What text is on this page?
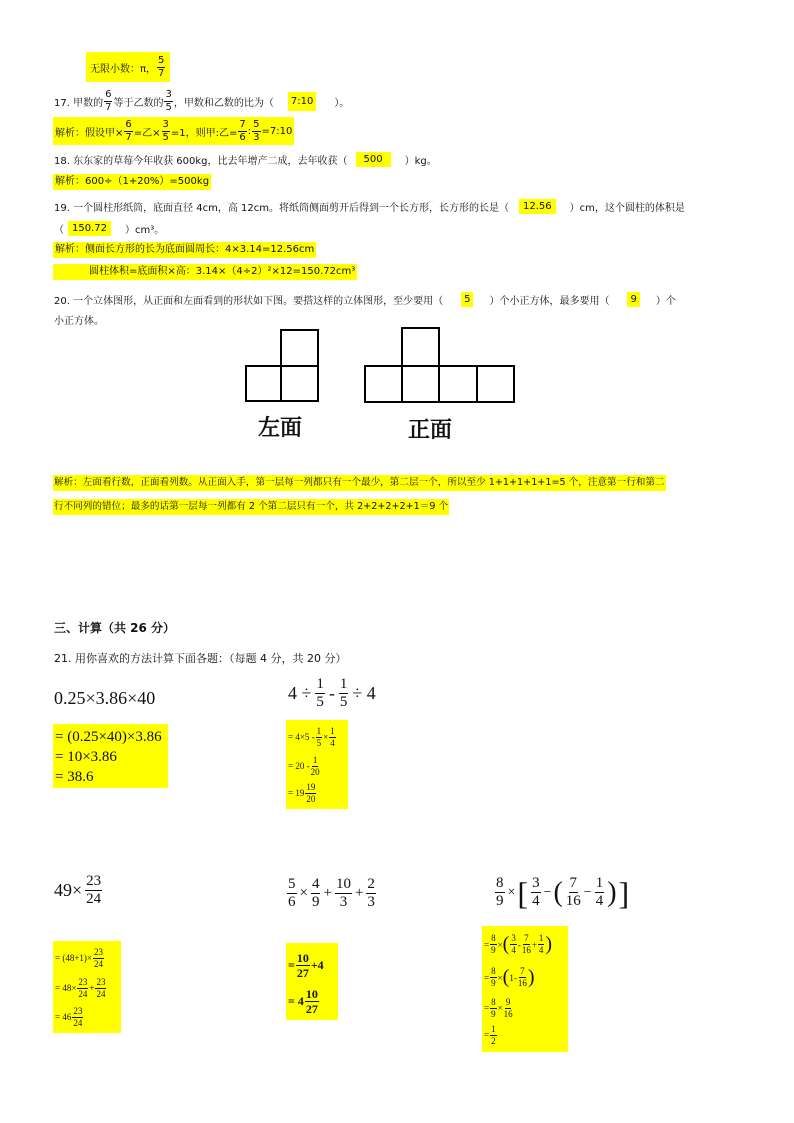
无限小数：π， $\frac{5}{7}$
17. 甲数的 $\frac{6}{7}$ 等于乙数的 $\frac{3}{5}$ ，甲数和乙数的比为（	7:10	）。
解析：假设甲× $\frac{6}{7}$ =乙× $\frac{3}{5} =1$，则甲:乙= $\frac{7}{6}$ : $\frac{5}{3}$ =7:10
18. 东东家的草莓今年收获 600kg，比去年增产二成，去年收获（	500	）kg。
解析：600÷（1+20%）=500kg
19. 一个圆柱形纸筒，底面直径 4cm，高 12cm。将纸筒侧面剪开后得到一个长方形，长方形的长是（	12.56	）cm，这个圆柱的体积是
（ 150.72	）cm³。
解析：侧面长方形的长为底面圆周长：4×3.14=12.56cm
圆柱体积=底面积×高：3.14×（4÷2）²×12=150.72cm³
20. 一个立体图形，从正面和左面看到的形状如下图。要搭这样的立体图形，至少要用（	5	）个小正方体，最多要用（	9	）个
小正方体。
左面	正面
解析：左面看行数，正面看列数。从正面入手，第一层每一列都只有一个最少，第二层一个，所以至少 1+1+1+1+1=5 个，注意第一行和第二
行不同列的错位；最多的话第一层每一列都有 2 个第二层只有一个，共 2+2+2+2+1＝9 个
三、计算（共 26 分）
21. 用你喜欢的方法计算下面各题：（每题 4 分，共 20 分）
0.25×3.86×40
= (0.25×40)×3.86
= 10×3.86
= 38.6
$4 \div \frac{1}{5} - \frac{1}{5} \div 4$
= $4\times 5 - \frac{1}{5} \times \frac{1}{4}$
= $20 - \frac{1}{20}$
= $19 \frac{19}{20}$
$49\times \frac{23}{24}$
= $(48+1)\times \frac{23}{24}$
= $48\times \frac{23}{24} + \frac{23}{24}$
= $46 \frac{23}{24}$
$\frac{5}{6} \times \frac{4}{9} + \frac{10}{3} + \frac{2}{3}$
= $\frac{10}{27} +4$
= $4 \frac{10}{27}$
$\frac{8}{9}$ × [ $\frac{3}{4}$ − ( $\frac{7}{16} - \frac{1}{4}$ ) ]
= $\frac{8}{9}$ × ( $\frac{3}{4} - \frac{7}{16} + \frac{1}{4}$ )
= $\frac{8}{9}$ × ( $1- \frac{7}{16}$ )
= $\frac{8}{9} \times \frac{9}{16}$
= $\frac{1}{2}$
